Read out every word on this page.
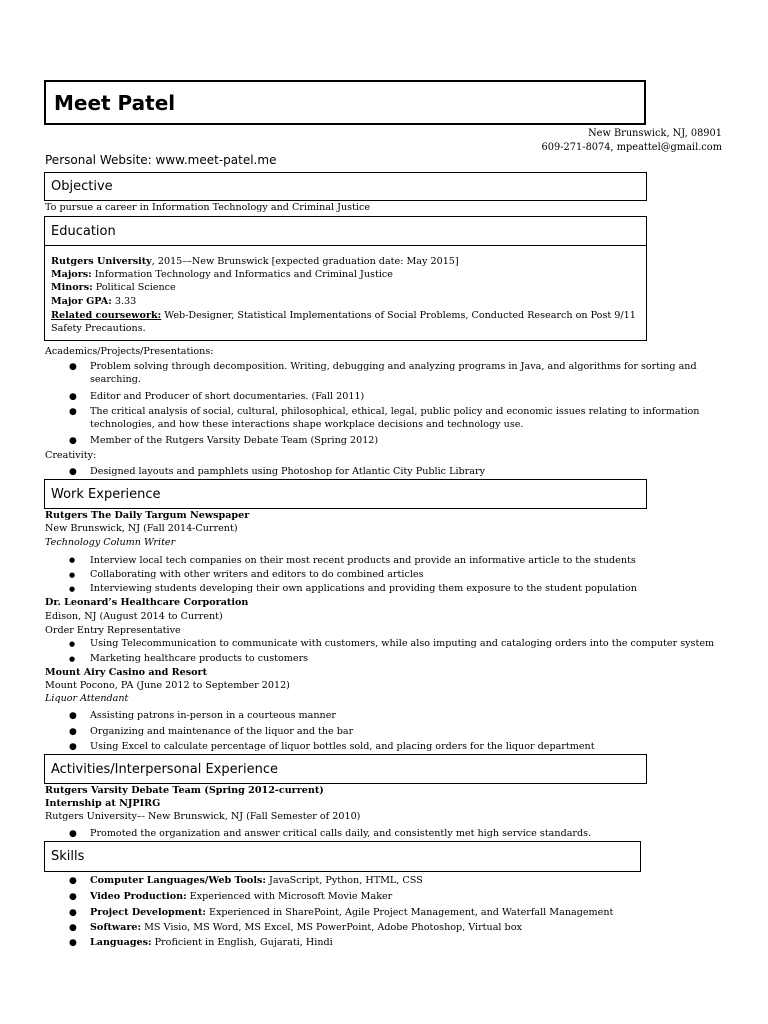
Meet Patel
New Brunswick, NJ, 08901
609-271-8074, mpeattel@gmail.com
Personal Website: www.meet-patel.me
Objective
To pursue a career in Information Technology and Criminal Justice
Education
Rutgers University, 2015––New Brunswick [expected graduation date: May 2015]
Majors: Information Technology and Informatics and Criminal Justice
Minors: Political Science
Major GPA: 3.33
Related coursework: Web-Designer, Statistical Implementations of Social Problems, Conducted Research on Post 9/11 Safety Precautions.
Academics/Projects/Presentations:
● Problem solving through decomposition. Writing, debugging and analyzing programs in Java, and algorithms for sorting and searching.
● Editor and Producer of short documentaries. (Fall 2011)
● The critical analysis of social, cultural, philosophical, ethical, legal, public policy and economic issues relating to information technologies, and how these interactions shape workplace decisions and technology use.
● Member of the Rutgers Varsity Debate Team (Spring 2012)
Creativity:
● Designed layouts and pamphlets using Photoshop for Atlantic City Public Library
Work Experience
Rutgers The Daily Targum Newspaper
New Brunswick, NJ (Fall 2014-Current)
Technology Column Writer
● Interview local tech companies on their most recent products and provide an informative article to the students
● Collaborating with other writers and editors to do combined articles
● Interviewing students developing their own applications and providing them exposure to the student population
Dr. Leonard’s Healthcare Corporation
Edison, NJ (August 2014 to Current)
Order Entry Representative
● Using Telecommunication to communicate with customers, while also imputing and cataloging orders into the computer system
● Marketing healthcare products to customers
Mount Airy Casino and Resort
Mount Pocono, PA (June 2012 to September 2012)
Liquor Attendant
● Assisting patrons in-person in a courteous manner
● Organizing and maintenance of the liquor and the bar
● Using Excel to calculate percentage of liquor bottles sold, and placing orders for the liquor department
Activities/Interpersonal Experience
Rutgers Varsity Debate Team (Spring 2012-current)
Internship at NJPIRG
Rutgers University–- New Brunswick, NJ (Fall Semester of 2010)
● Promoted the organization and answer critical calls daily, and consistently met high service standards.
Skills
● Computer Languages/Web Tools: JavaScript, Python, HTML, CSS
● Video Production: Experienced with Microsoft Movie Maker
● Project Development: Experienced in SharePoint, Agile Project Management, and Waterfall Management
● Software: MS Visio, MS Word, MS Excel, MS PowerPoint, Adobe Photoshop, Virtual box
● Languages: Proficient in English, Gujarati, Hindi
